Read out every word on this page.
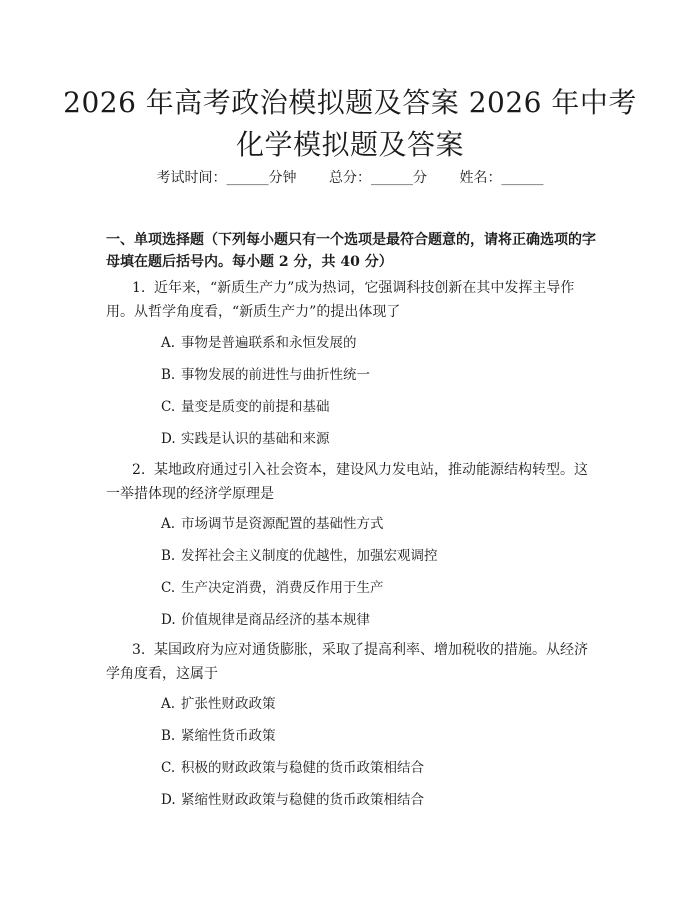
2026 年高考政治模拟题及答案 2026 年中考
化学模拟题及答案
考试时间：______分钟 总分：______分 姓名：______
一、单项选择题（下列每小题只有一个选项是最符合题意的，请将正确选项的字母填在题后括号内。每小题 2 分，共 40 分）
1. 近年来，“新质生产力”成为热词，它强调科技创新在其中发挥主导作用。从哲学角度看，“新质生产力”的提出体现了
A. 事物是普遍联系和永恒发展的
B. 事物发展的前进性与曲折性统一
C. 量变是质变的前提和基础
D. 实践是认识的基础和来源
2. 某地政府通过引入社会资本，建设风力发电站，推动能源结构转型。这一举措体现的经济学原理是
A. 市场调节是资源配置的基础性方式
B. 发挥社会主义制度的优越性，加强宏观调控
C. 生产决定消费，消费反作用于生产
D. 价值规律是商品经济的基本规律
3. 某国政府为应对通货膨胀，采取了提高利率、增加税收的措施。从经济学角度看，这属于
A. 扩张性财政政策
B. 紧缩性货币政策
C. 积极的财政政策与稳健的货币政策相结合
D. 紧缩性财政政策与稳健的货币政策相结合
